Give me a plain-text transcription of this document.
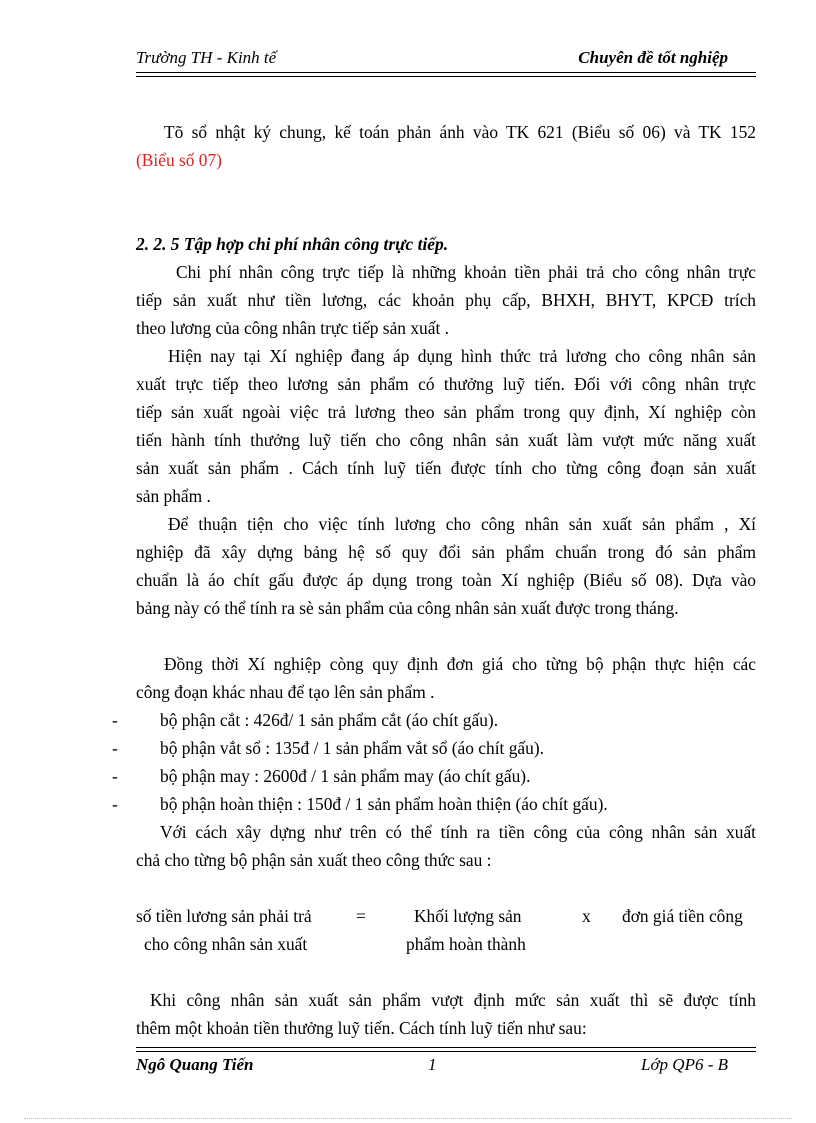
Trường TH - Kinh tế	Chuyên đề tốt nghiệp
Tõ sổ nhật ký chung, kế toán phản ánh vào TK 621 (Biểu số 06) và TK 152
(Biểu số 07)
2. 2. 5 Tập hợp chi phí nhân công trực tiếp.
Chi phí nhân công trực tiếp là những khoản tiền phải trả cho công nhân trực
tiếp sản xuất như tiền lương, các khoản phụ cấp, BHXH, BHYT, KPCĐ trích
theo lương của công nhân trực tiếp sản xuất .
Hiện nay tại Xí nghiệp đang áp dụng hình thức trả lương cho công nhân sản
xuất trực tiếp theo lương sản phẩm có thưởng luỹ tiến. Đối với công nhân trực
tiếp sản xuất ngoài việc trả lương theo sản phẩm trong quy định, Xí nghiệp còn
tiến hành tính thưởng luỹ tiến cho công nhân sản xuất làm vượt mức năng xuất
sản xuất sản phẩm . Cách tính luỹ tiến được tính cho từng công đoạn sản xuất
sản phẩm .
Để thuận tiện cho việc tính lương cho công nhân sản xuất sản phẩm , Xí
nghiệp đã xây dựng bảng hệ số quy đổi sản phẩm chuẩn trong đó sản phẩm
chuẩn là áo chít gấu được áp dụng trong toàn Xí nghiệp (Biểu số 08). Dựa vào
bảng này có thể tính ra sè sản phẩm của công nhân sản xuất được trong tháng.
Đồng thời Xí nghiệp còng quy định đơn giá cho từng bộ phận thực hiện các
công đoạn khác nhau để tạo lên sản phẩm .
- bộ phận cắt : 426đ/ 1 sản phẩm cắt (áo chít gấu).
- bộ phận vắt sổ : 135đ / 1 sản phẩm vắt sổ (áo chít gấu).
- bộ phận may : 2600đ / 1 sản phẩm may (áo chít gấu).
- bộ phận hoàn thiện : 150đ / 1 sản phẩm hoàn thiện (áo chít gấu).
Với cách xây dựng như trên có thể tính ra tiền công của công nhân sản xuất
chả cho từng bộ phận sản xuất theo công thức sau :
số tiền lương sản phải trả
cho công nhân sản xuất
=	Khối lượng sản
phẩm hoàn thành
x đơn giá tiền công
Khi công nhân sản xuất sản phẩm vượt định mức sản xuất thì sẽ được tính
thêm một khoản tiền thưởng luỹ tiến. Cách tính luỹ tiến như sau:
Ngô Quang Tiến	1	Lớp QP6 - B
